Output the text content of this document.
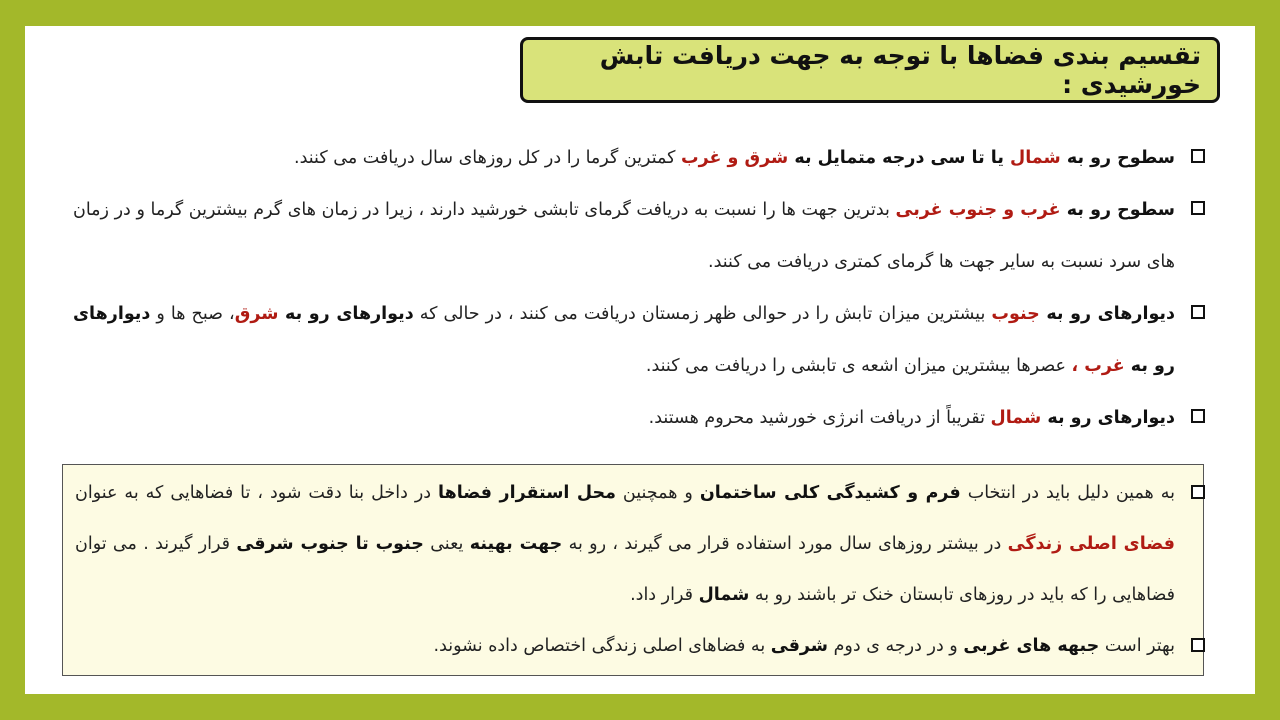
تقسیم بندی فضاها با توجه به جهت دریافت تابش خورشیدی :
سطوح رو به شمال یا تا سی درجه متمایل به شرق و غرب کمترین گرما را در کل روزهای سال دریافت می کنند.
سطوح رو به غرب و جنوب غربی بدترین جهت ها را نسبت به دریافت گرمای تابشی خورشید دارند ، زیرا در زمان های گرم بیشترین گرما و در زمان های سرد نسبت به سایر جهت ها گرمای کمتری دریافت می کنند.
دیوارهای رو به جنوب بیشترین میزان تابش را در حوالی ظهر زمستان دریافت می کنند ، در حالی که دیوارهای رو به شرق، صبح ها و دیوارهای رو به غرب ، عصرها بیشترین میزان اشعه ی تابشی را دریافت می کنند.
دیوارهای رو به شمال تقریباً از دریافت انرژی خورشید محروم هستند.
به همین دلیل باید در انتخاب فرم و کشیدگی کلی ساختمان و همچنین محل استقرار فضاها در داخل بنا دقت شود ، تا فضاهایی که به عنوان فضای اصلی زندگی در بیشتر روزهای سال مورد استفاده قرار می گیرند ، رو به جهت بهینه یعنی جنوب تا جنوب شرقی قرار گیرند . می توان فضاهایی را که باید در روزهای تابستان خنک تر باشند رو به شمال قرار داد.
بهتر است جبهه های غربی و در درجه ی دوم شرقی به فضاهای اصلی زندگی اختصاص داده نشوند.
